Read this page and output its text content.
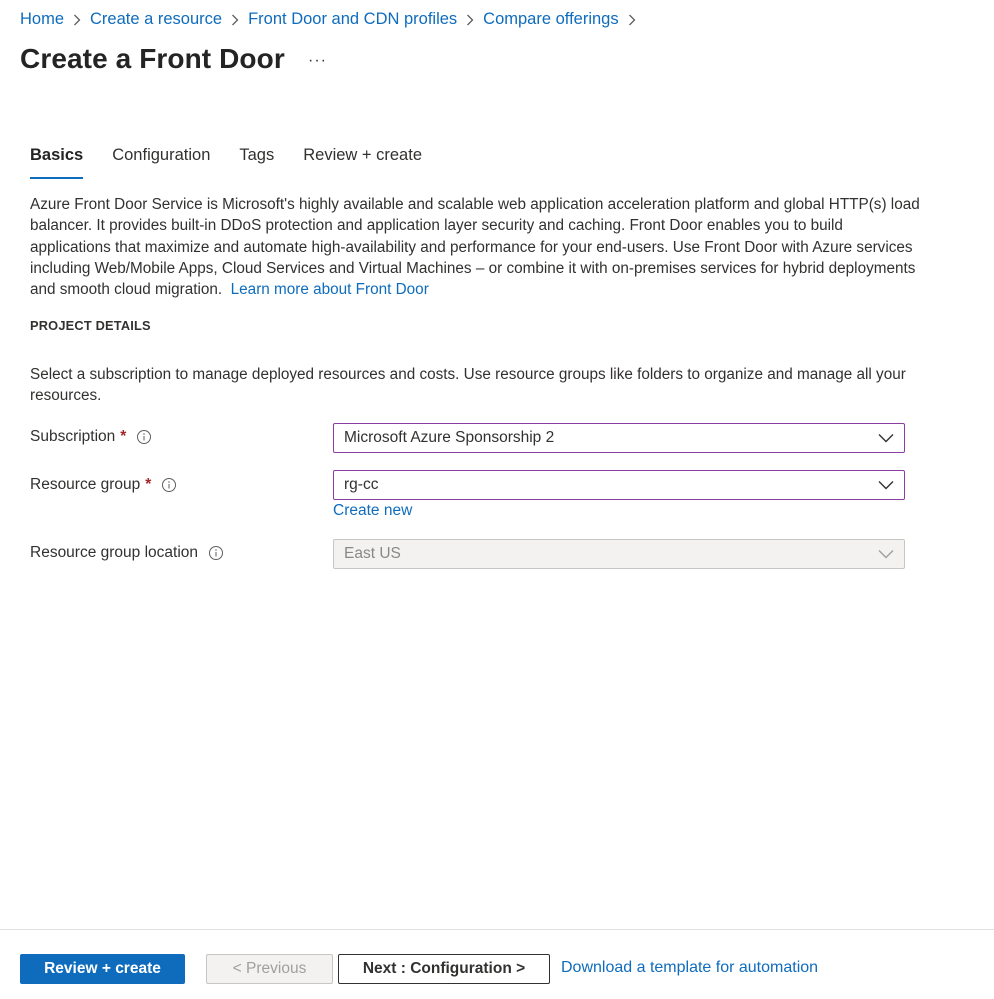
Home Create a resource Front Door and CDN profiles Compare offerings
Create a Front Door ···
Basics Configuration Tags Review + create

Azure Front Door Service is Microsoft's highly available and scalable web application acceleration platform and global HTTP(s) load balancer. It provides built-in DDoS protection and application layer security and caching. Front Door enables you to build applications that maximize and automate high-availability and performance for your end-users. Use Front Door with Azure services including Web/Mobile Apps, Cloud Services and Virtual Machines – or combine it with on-premises services for hybrid deployments and smooth cloud migration. Learn more about Front Door

PROJECT DETAILS

Select a subscription to manage deployed resources and costs. Use resource groups like folders to organize and manage all your resources.

Subscription *	Microsoft Azure Sponsorship 2
Resource group *	rg-cc
Create new
Resource group location	East US
Review + create	< Previous	Next : Configuration >	Download a template for automation
